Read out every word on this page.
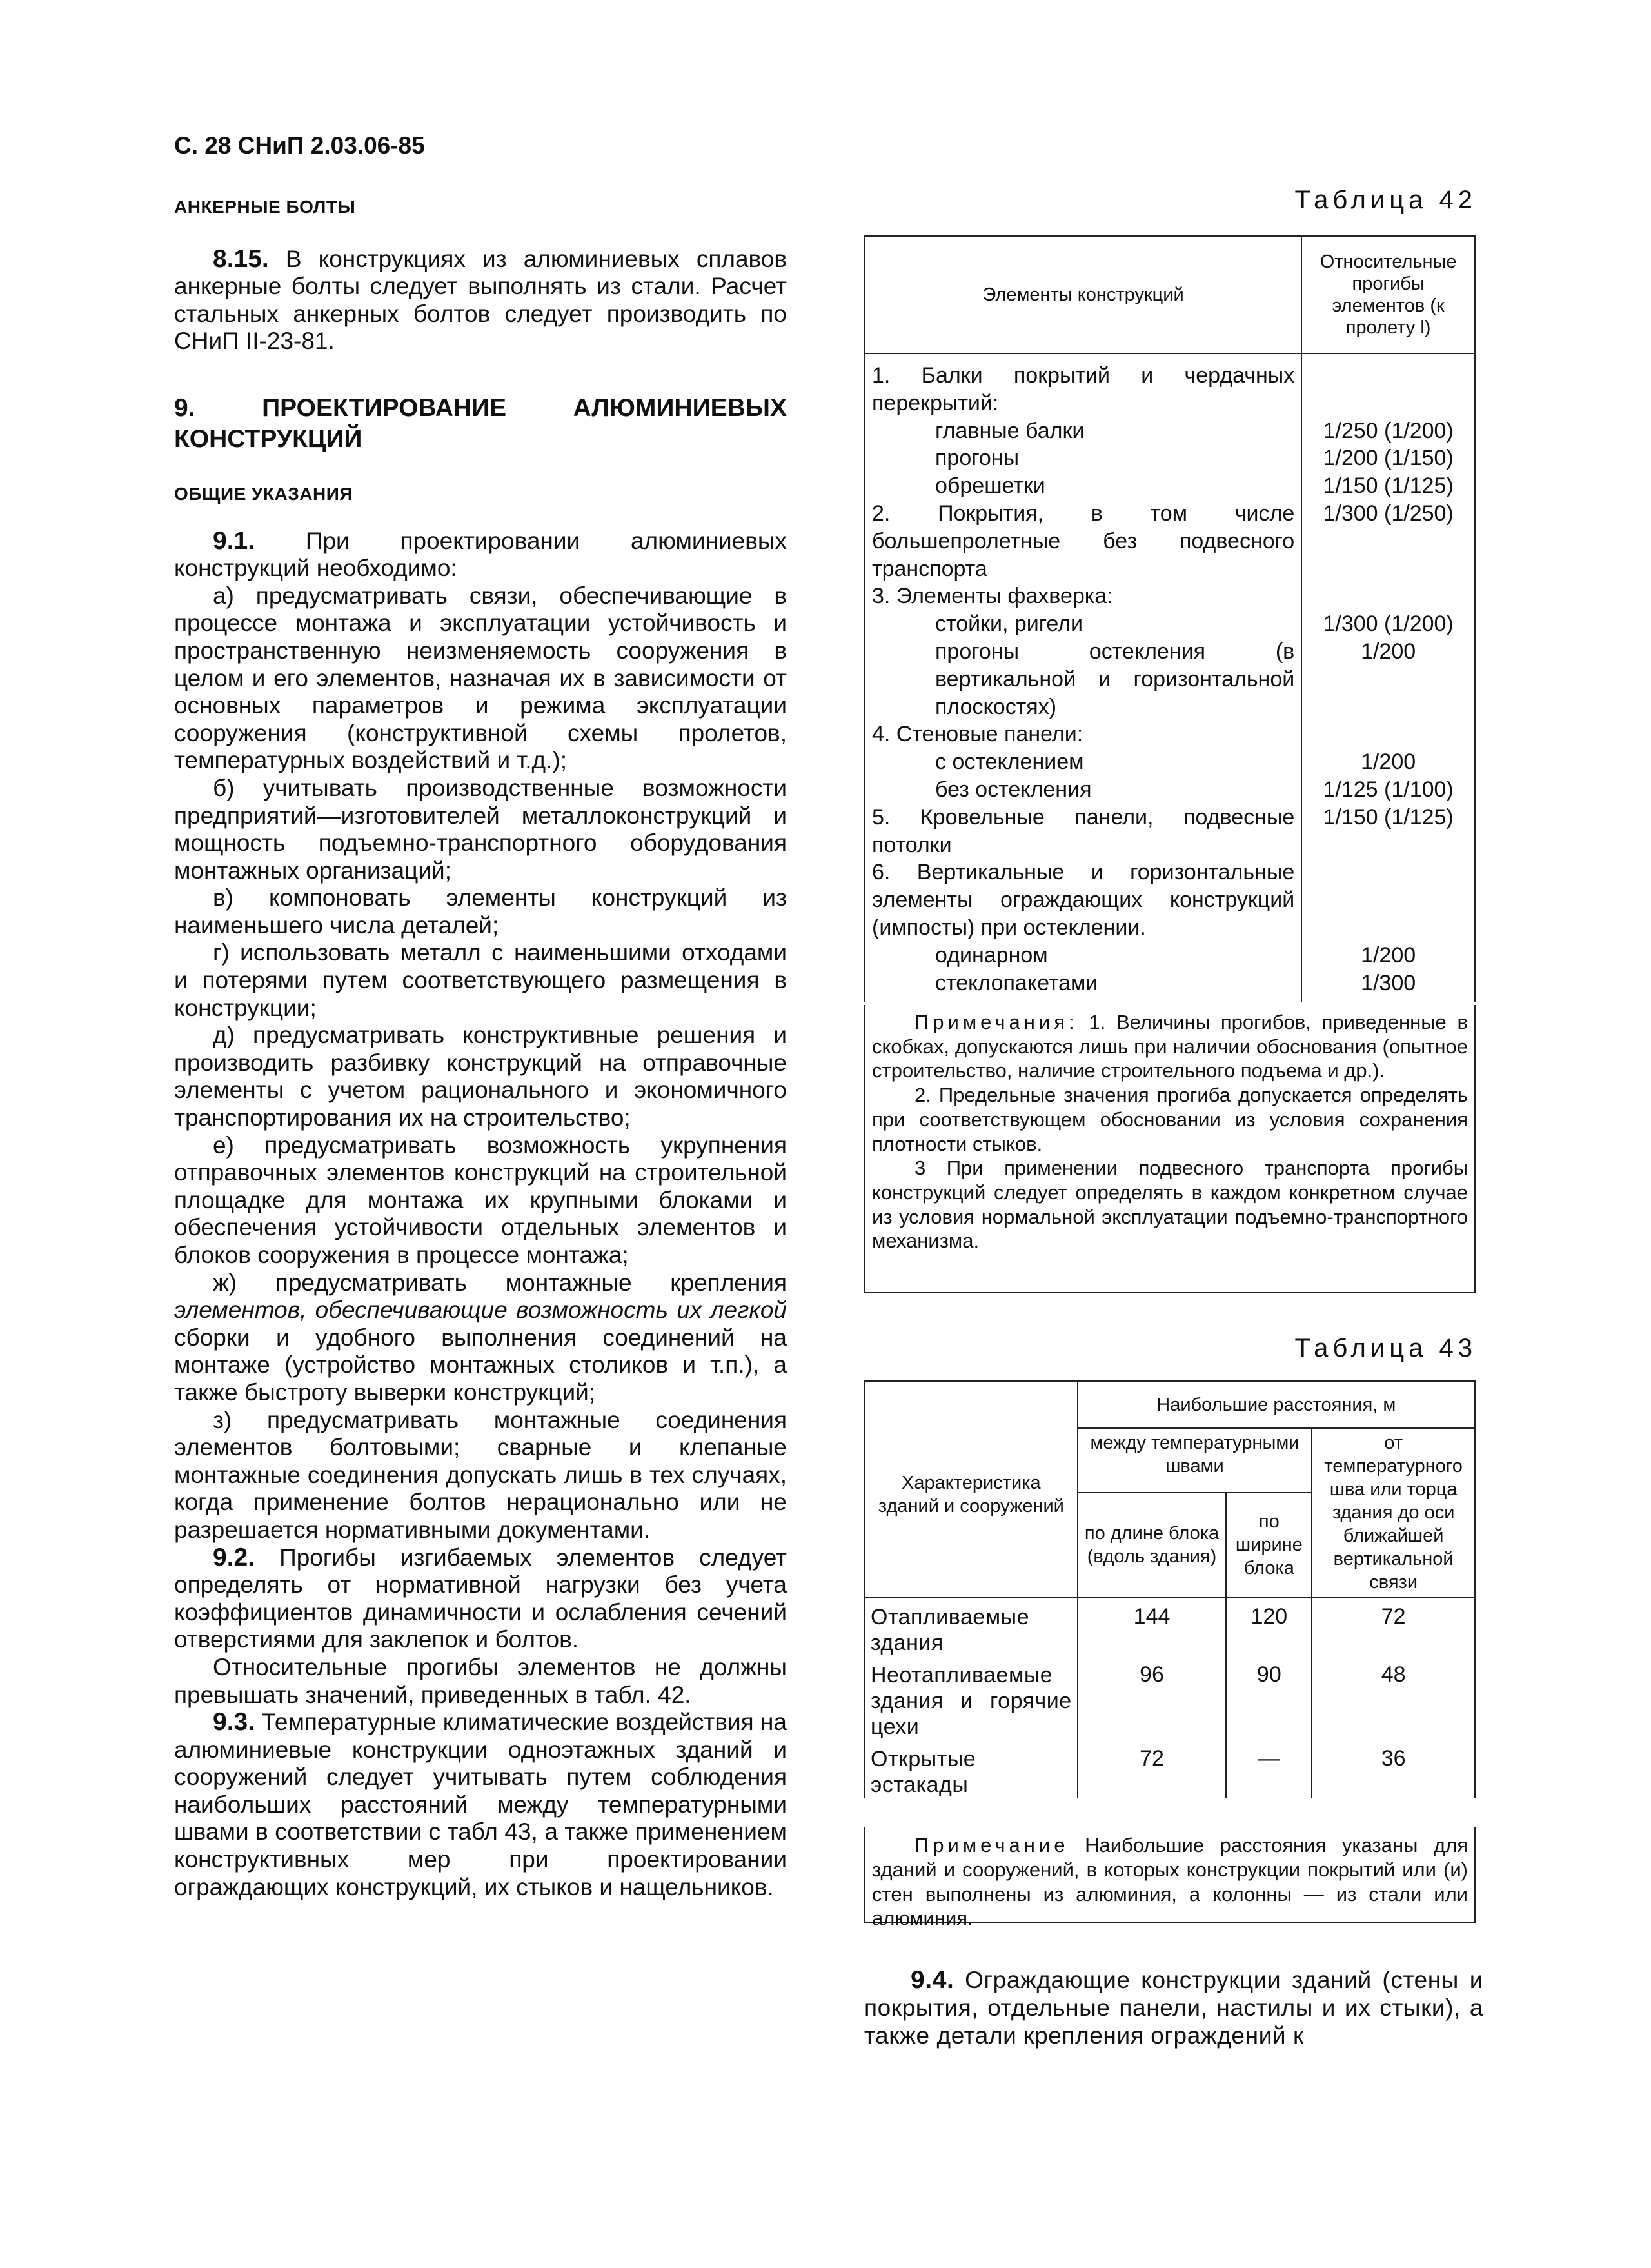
С. 28 СНиП 2.03.06-85

АНКЕРНЫЕ БОЛТЫ

8.15. В конструкциях из алюминиевых сплавов анкерные болты следует выполнять из стали. Расчет стальных анкерных болтов следует производить по СНиП II-23-81.

9. ПРОЕКТИРОВАНИЕ АЛЮМИНИЕВЫХ КОНСТРУКЦИЙ

ОБЩИЕ УКАЗАНИЯ

9.1. При проектировании алюминиевых конструкций необходимо:

а) предусматривать связи, обеспечивающие в процессе монтажа и эксплуатации устойчивость и пространственную неизменяемость сооружения в целом и его элементов, назначая их в зависимости от основных параметров и режима эксплуатации сооружения (конструктивной схемы пролетов, температурных воздействий и т.д.);

б) учитывать производственные возможности предприятий—изготовителей металлоконструкций и мощность подъемно-транспортного оборудования монтажных организаций;

в) компоновать элементы конструкций из наименьшего числа деталей;

г) использовать металл с наименьшими отходами и потерями путем соответствующего размещения в конструкции;

д) предусматривать конструктивные решения и производить разбивку конструкций на отправочные элементы с учетом рационального и экономичного транспортирования их на строительство;

е) предусматривать возможность укрупнения отправочных элементов конструкций на строительной площадке для монтажа их крупными блоками и обеспечения устойчивости отдельных элементов и блоков сооружения в процессе монтажа;

ж) предусматривать монтажные крепления элементов, обеспечивающие возможность их легкой сборки и удобного выполнения соединений на монтаже (устройство монтажных столиков и т.п.), а также быстроту выверки конструкций;

з) предусматривать монтажные соединения элементов болтовыми; сварные и клепаные монтажные соединения допускать лишь в тех случаях, когда применение болтов нерационально или не разрешается нормативными документами.

9.2. Прогибы изгибаемых элементов следует определять от нормативной нагрузки без учета коэффициентов динамичности и ослабления сечений отверстиями для заклепок и болтов.

Относительные прогибы элементов не должны превышать значений, приведенных в табл. 42.

9.3. Температурные климатические воздействия на алюминиевые конструкции одноэтажных зданий и сооружений следует учитывать путем соблюдения наибольших расстояний между температурными швами в соответствии с табл 43, а также применением конструктивных мер при проектировании ограждающих конструкций, их стыков и нащельников.

Таблица 42
Элементы конструкций	Относительные прогибы элементов (к пролету l)
1. Балки покрытий и чердачных перекрытий:	
главные балки	1/250 (1/200)
прогоны	1/200 (1/150)
обрешетки	1/150 (1/125)
2. Покрытия, в том числе большепролетные без подвесного транспорта	1/300 (1/250)
3. Элементы фахверка:	
стойки, ригели	1/300 (1/200)
прогоны остекления (в вертикальной и горизонтальной плоскостях)	1/200
4. Стеновые панели:	
с остеклением	1/200
без остекления	1/125 (1/100)
5. Кровельные панели, подвесные потолки	1/150 (1/125)
6. Вертикальные и горизонтальные элементы ограждающих конструкций (импосты) при остеклении.	
одинарном	1/200
стеклопакетами	1/300

Примечания: 1. Величины прогибов, приведенные в скобках, допускаются лишь при наличии обоснования (опытное строительство, наличие строительного подъема и др.).

2. Предельные значения прогиба допускается определять при соответствующем обосновании из условия сохранения плотности стыков.

3 При применении подвесного транспорта прогибы конструкций следует определять в каждом конкретном случае из условия нормальной эксплуатации подъемно-транспортного механизма.

Таблица 43
Характеристика зданий и сооружений	Наибольшие расстояния, м		
	между температурными швами		от температурного шва или торца здания до оси ближайшей вертикальной связи
	по длине блока (вдоль здания)	по ширине блока	
Отапливаемые здания	144	120	72
Неотапливаемые здания и горячие цехи	96	90	48
Открытые эстакады	72	—	36

Примечание Наибольшие расстояния указаны для зданий и сооружений, в которых конструкции покрытий или (и) стен выполнены из алюминия, а колонны — из стали или алюминия.

9.4. Ограждающие конструкции зданий (стены и покрытия, отдельные панели, настилы и их стыки), а также детали крепления ограждений к
